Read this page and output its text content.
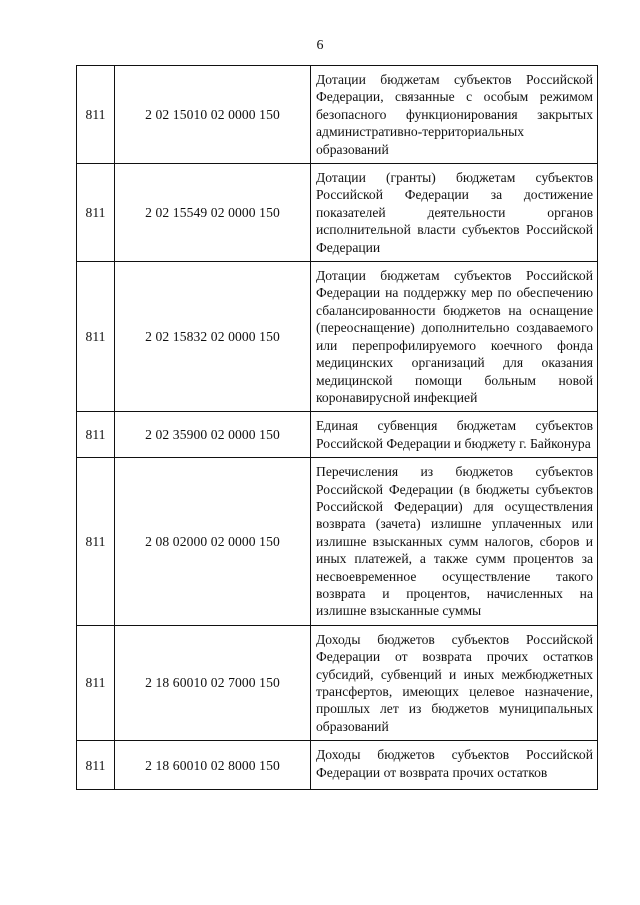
6
811	2 02 15010 02 0000 150	Дотации бюджетам субъектов Российской Федерации, связанные с особым режимом безопасного функционирования закрытых административно-территориальных образований
811	2 02 15549 02 0000 150	Дотации (гранты) бюджетам субъектов Российской Федерации за достижение показателей деятельности органов исполнительной власти субъектов Российской Федерации
811	2 02 15832 02 0000 150	Дотации бюджетам субъектов Российской Федерации на поддержку мер по обеспечению сбалансированности бюджетов на оснащение (переоснащение) дополнительно создаваемого или перепрофилируемого коечного фонда медицинских организаций для оказания медицинской помощи больным новой коронавирусной инфекцией
811	2 02 35900 02 0000 150	Единая субвенция бюджетам субъектов Российской Федерации и бюджету г. Байконура
811	2 08 02000 02 0000 150	Перечисления из бюджетов субъектов Российской Федерации (в бюджеты субъектов Российской Федерации) для осуществления возврата (зачета) излишне уплаченных или излишне взысканных сумм налогов, сборов и иных платежей, а также сумм процентов за несвоевременное осуществление такого возврата и процентов, начисленных на излишне взысканные суммы
811	2 18 60010 02 7000 150	Доходы бюджетов субъектов Российской Федерации от возврата прочих остатков субсидий, субвенций и иных межбюджетных трансфертов, имеющих целевое назначение, прошлых лет из бюджетов муниципальных образований
811	2 18 60010 02 8000 150	Доходы бюджетов субъектов Российской Федерации от возврата прочих остатков
